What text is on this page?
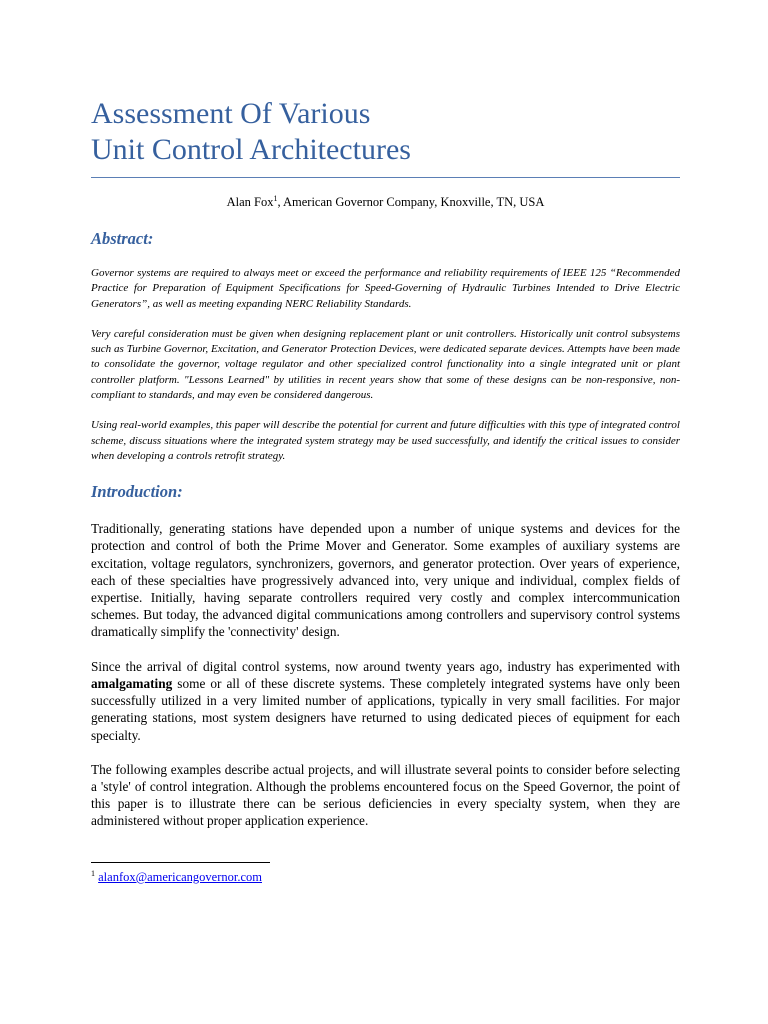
Assessment Of Various
Unit Control Architectures
Alan Fox$^1$, American Governor Company, Knoxville, TN, USA
Abstract:

Governor systems are required to always meet or exceed the performance and reliability requirements of IEEE 125 “Recommended Practice for Preparation of Equipment Specifications for Speed-Governing of Hydraulic Turbines Intended to Drive Electric Generators”, as well as meeting expanding NERC Reliability Standards.

Very careful consideration must be given when designing replacement plant or unit controllers. Historically unit control subsystems such as Turbine Governor, Excitation, and Generator Protection Devices, were dedicated separate devices. Attempts have been made to consolidate the governor, voltage regulator and other specialized control functionality into a single integrated unit or plant controller platform. "Lessons Learned" by utilities in recent years show that some of these designs can be non-responsive, non-compliant to standards, and may even be considered dangerous.

Using real-world examples, this paper will describe the potential for current and future difficulties with this type of integrated control scheme, discuss situations where the integrated system strategy may be used successfully, and identify the critical issues to consider when developing a controls retrofit strategy.

Introduction:

Traditionally, generating stations have depended upon a number of unique systems and devices for the protection and control of both the Prime Mover and Generator. Some examples of auxiliary systems are excitation, voltage regulators, synchronizers, governors, and generator protection. Over years of experience, each of these specialties have progressively advanced into, very unique and individual, complex fields of expertise. Initially, having separate controllers required very costly and complex intercommunication schemes. But today, the advanced digital communications among controllers and supervisory control systems dramatically simplify the 'connectivity' design.

Since the arrival of digital control systems, now around twenty years ago, industry has experimented with amalgamating some or all of these discrete systems. These completely integrated systems have only been successfully utilized in a very limited number of applications, typically in very small facilities. For major generating stations, most system designers have returned to using dedicated pieces of equipment for each specialty.

The following examples describe actual projects, and will illustrate several points to consider before selecting a 'style' of control integration. Although the problems encountered focus on the Speed Governor, the point of this paper is to illustrate there can be serious deficiencies in every specialty system, when they are administered without proper application experience.

$^1$ alanfox@americangovernor.com
